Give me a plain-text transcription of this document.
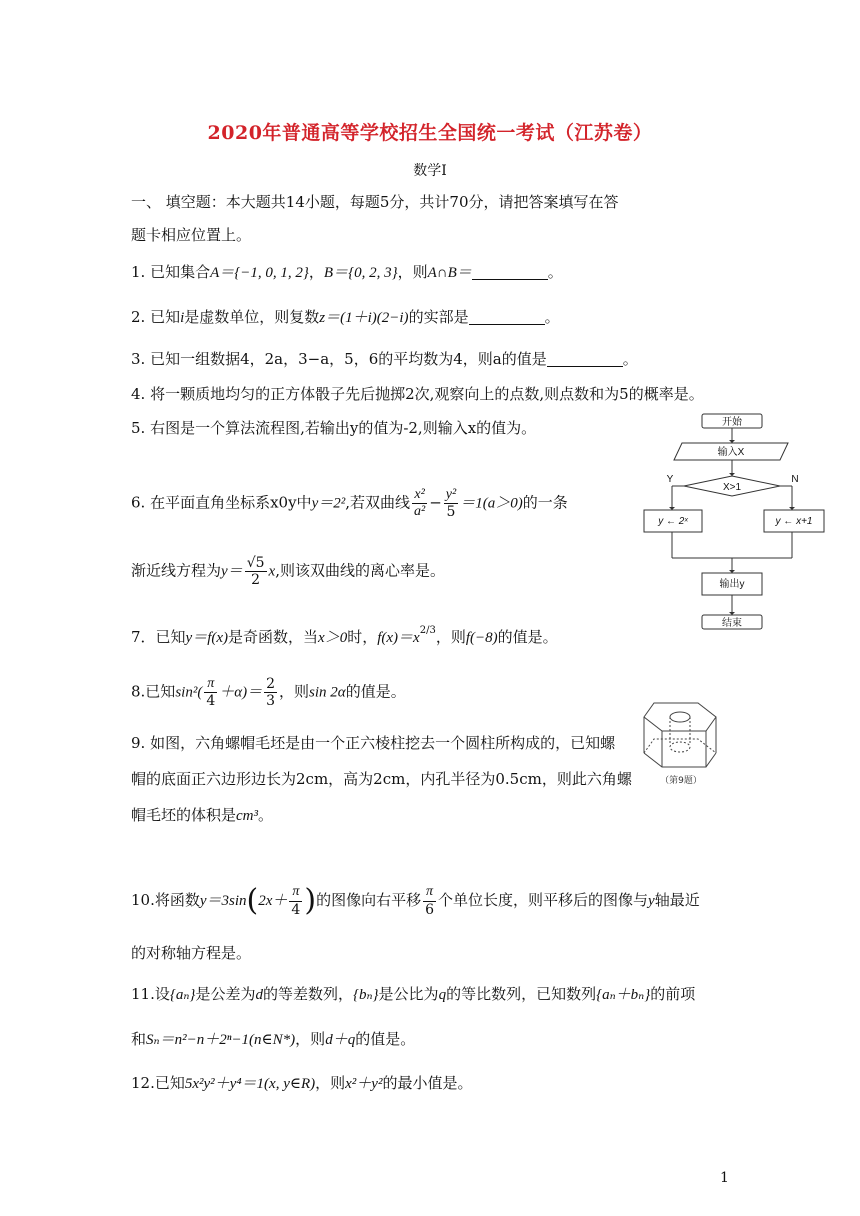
2020年普通高等学校招生全国统一考试（江苏卷）
数学Ⅰ
一、 填空题：本大题共14小题，每题5分，共计70分，请把答案填写在答
题卡相应位置上。
1. 已知集合A＝{−1, 0, 1, 2}，B＝{0, 2, 3}，则A∩B＝	。
2. 已知i是虚数单位，则复数z＝(1＋i)(2−i)的实部是	。
3. 已知一组数据4，2a，3−a，5，6的平均数为4，则a的值是	。
4. 将一颗质地均匀的正方体骰子先后抛掷2次,观察向上的点数,则点数和为5的概率是。
5. 右图是一个算法流程图,若输出y的值为-2,则输入x的值为。
6. 在平面直角坐标系x0y中y＝2²,若双曲线 $\frac{\text{x²}}{\text{a²}} - \frac{\text{y²}}{5} =1(a>0)$的一条
渐近线方程为$y= \frac{√5}{2} x$,则该双曲线的离心率是。
7．已知y＝f(x)是奇函数，当x＞0时，$f(x)=x^{2/3}$，则f(−8)的值是。
8.已知$\sin^2( \frac{\pi}{4} +\alpha)= \frac{2}{3}$ ，则sin 2α的值是。
9. 如图，六角螺帽毛坯是由一个正六棱柱挖去一个圆柱所构成的，已知螺
帽的底面正六边形边长为2cm，高为2cm，内孔半径为0.5cm，则此六角螺
帽毛坯的体积是cm³。
10.将函数$y=3\sin(2x+ \frac{\pi}{4}$ )的图像向右平移 $\frac{\pi}{6}$ 个单位长度，则平移后的图像与y轴最近
的对称轴方程是。
11.设{aₙ}是公差为d的等差数列，{bₙ}是公比为q的等比数列，已知数列{aₙ＋bₙ}的前项
和Sₙ＝n²−n＋2ⁿ−1(n∈N*)，则d＋q的值是。
12.已知5x²y²＋y⁴＝1(x, y∈R)，则x²＋y²的最小值是。
1
开始
输入X
X>1
Y	N
y ← 2ˣ	y ← x+1
输出y
结束
（第9题）
